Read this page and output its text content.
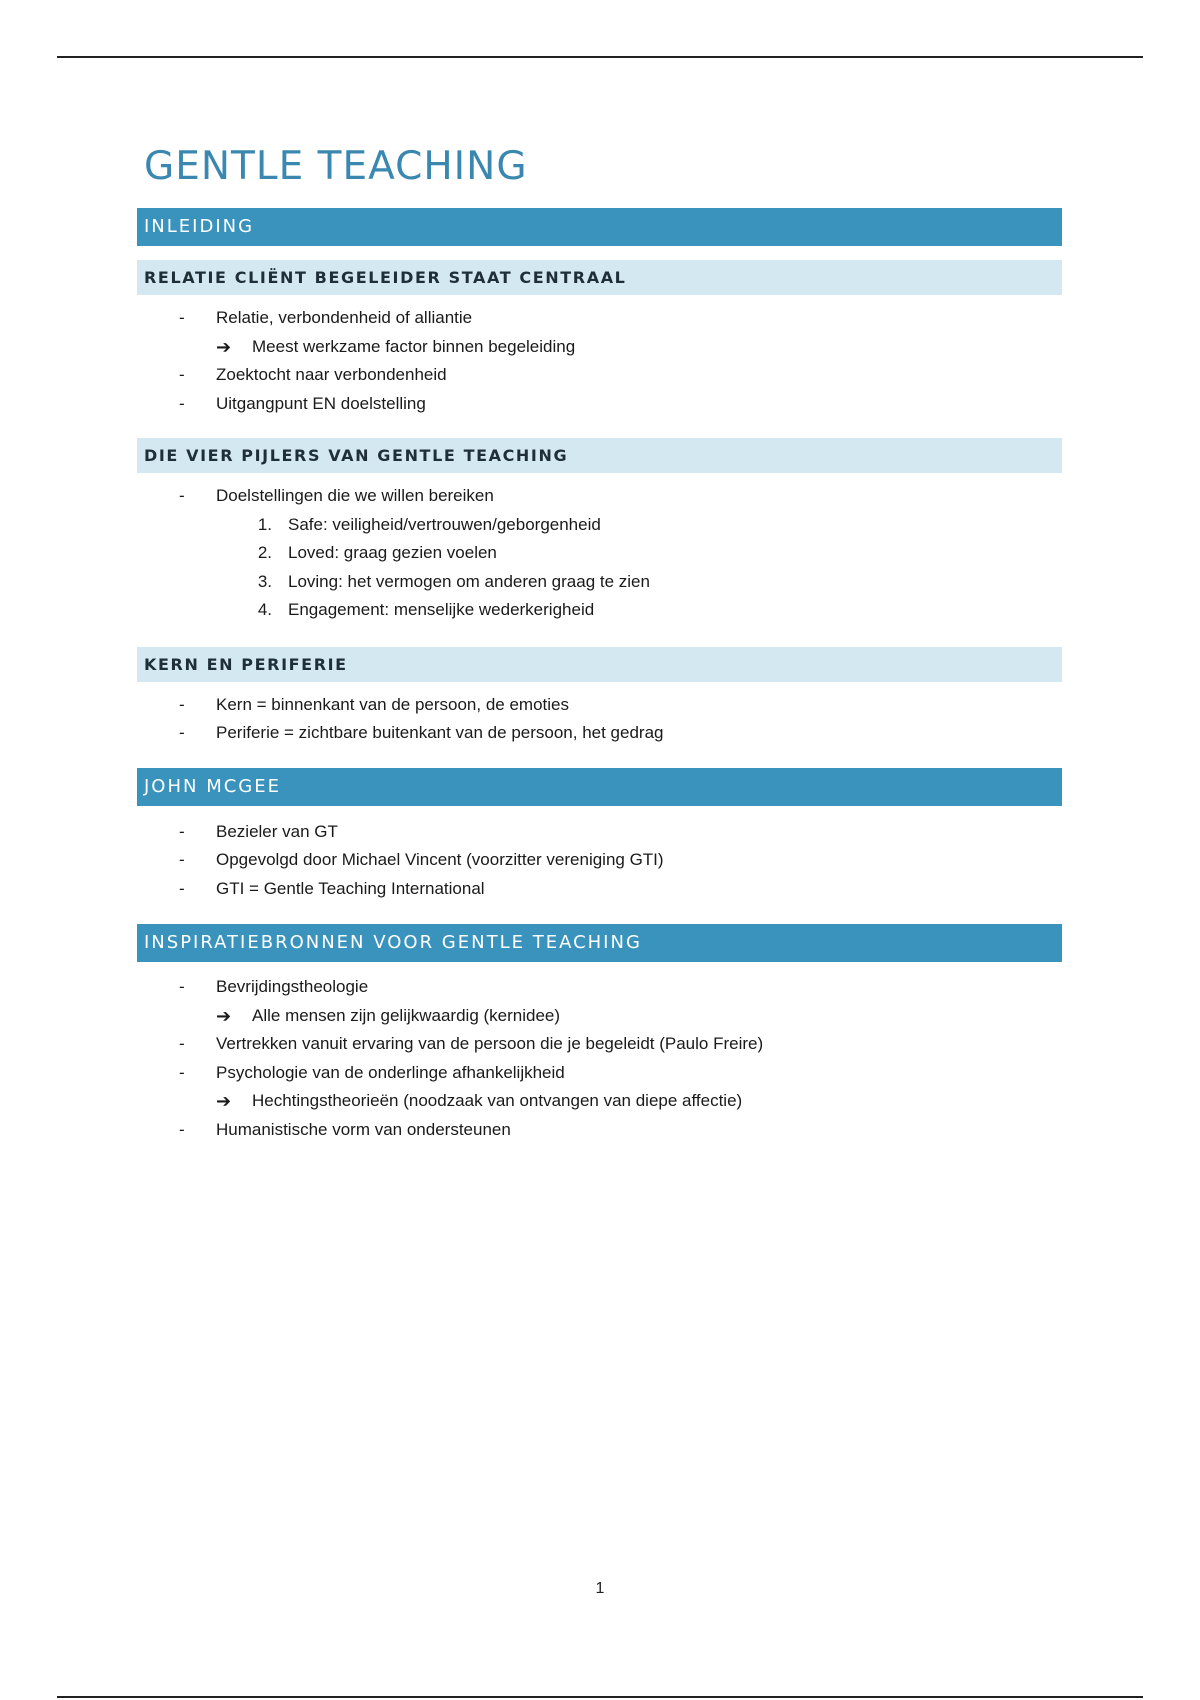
GENTLE TEACHING
INLEIDING
RELATIE CLIËNT BEGELEIDER STAAT CENTRAAL
- Relatie, verbondenheid of alliantie
➔ Meest werkzame factor binnen begeleiding
- Zoektocht naar verbondenheid
- Uitgangpunt EN doelstelling
DIE VIER PIJLERS VAN GENTLE TEACHING
- Doelstellingen die we willen bereiken
1. Safe: veiligheid/vertrouwen/geborgenheid
2. Loved: graag gezien voelen
3. Loving: het vermogen om anderen graag te zien
4. Engagement: menselijke wederkerigheid
KERN EN PERIFERIE
- Kern = binnenkant van de persoon, de emoties
- Periferie = zichtbare buitenkant van de persoon, het gedrag
JOHN MCGEE
- Bezieler van GT
- Opgevolgd door Michael Vincent (voorzitter vereniging GTI)
- GTI = Gentle Teaching International
INSPIRATIEBRONNEN VOOR GENTLE TEACHING
- Bevrijdingstheologie
➔ Alle mensen zijn gelijkwaardig (kernidee)
- Vertrekken vanuit ervaring van de persoon die je begeleidt (Paulo Freire)
- Psychologie van de onderlinge afhankelijkheid
➔ Hechtingstheorieën (noodzaak van ontvangen van diepe affectie)
- Humanistische vorm van ondersteunen
1
